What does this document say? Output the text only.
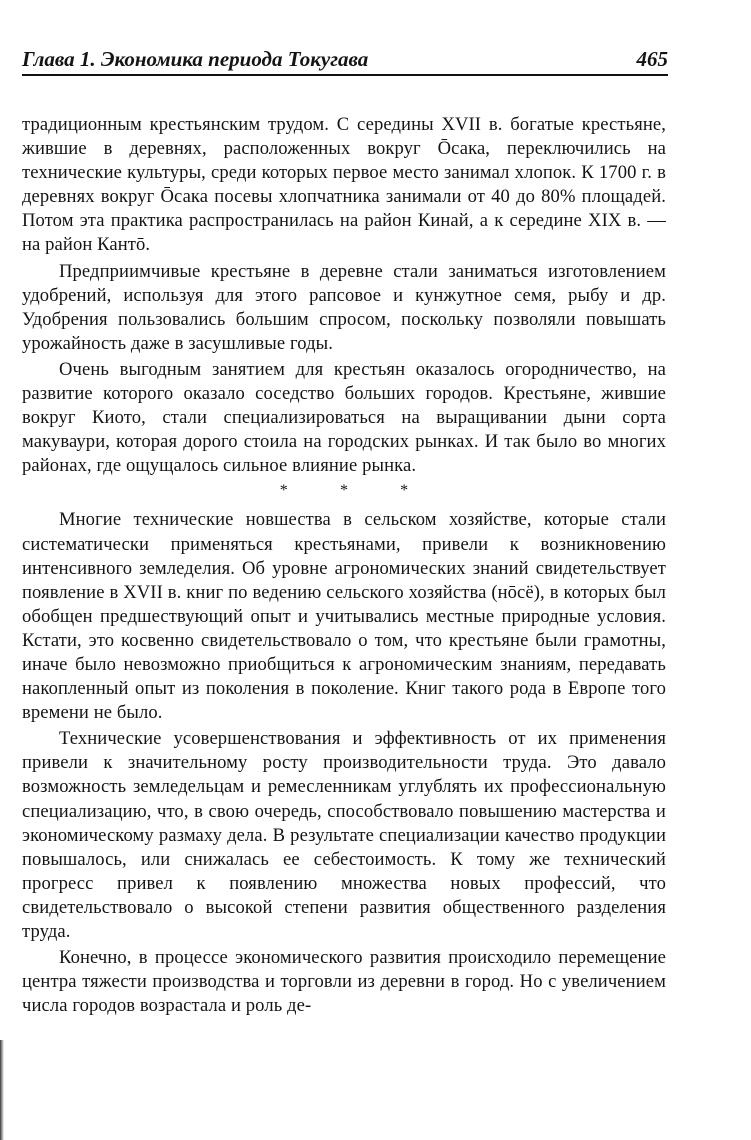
Глава 1. Экономика периода Токугава	465

традиционным крестьянским трудом. С середины XVII в. богатые крестьяне, жившие в деревнях, расположенных вокруг Ōсака, переключились на технические культуры, среди которых первое место занимал хлопок. К 1700 г. в деревнях вокруг Ōсака посевы хлопчатника занимали от 40 до 80% площадей. Потом эта практика распространилась на район Кинай, а к середине XIX в. — на район Кантō.

Предприимчивые крестьяне в деревне стали заниматься изготовлением удобрений, используя для этого рапсовое и кунжутное семя, рыбу и др. Удобрения пользовались большим спросом, поскольку позволяли повышать урожайность даже в засушливые годы.

Очень выгодным занятием для крестьян оказалось огородничество, на развитие которого оказало соседство больших городов. Крестьяне, жившие вокруг Киото, стали специализироваться на выращивании дыни сорта макуваури, которая дорого стоила на городских рынках. И так было во многих районах, где ощущалось сильное влияние рынка.

*	*	*

Многие технические новшества в сельском хозяйстве, которые стали систематически применяться крестьянами, привели к возникновению интенсивного земледелия. Об уровне агрономических знаний свидетельствует появление в XVII в. книг по ведению сельского хозяйства (нōсё), в которых был обобщен предшествующий опыт и учитывались местные природные условия. Кстати, это косвенно свидетельствовало о том, что крестьяне были грамотны, иначе было невозможно приобщиться к агрономическим знаниям, передавать накопленный опыт из поколения в поколение. Книг такого рода в Европе того времени не было.

Технические усовершенствования и эффективность от их применения привели к значительному росту производительности труда. Это давало возможность земледельцам и ремесленникам углублять их профессиональную специализацию, что, в свою очередь, способствовало повышению мастерства и экономическому размаху дела. В результате специализации качество продукции повышалось, или снижалась ее себестоимость. К тому же технический прогресс привел к появлению множества новых профессий, что свидетельствовало о высокой степени развития общественного разделения труда.

Конечно, в процессе экономического развития происходило перемещение центра тяжести производства и торговли из деревни в город. Но с увеличением числа городов возрастала и роль де-
